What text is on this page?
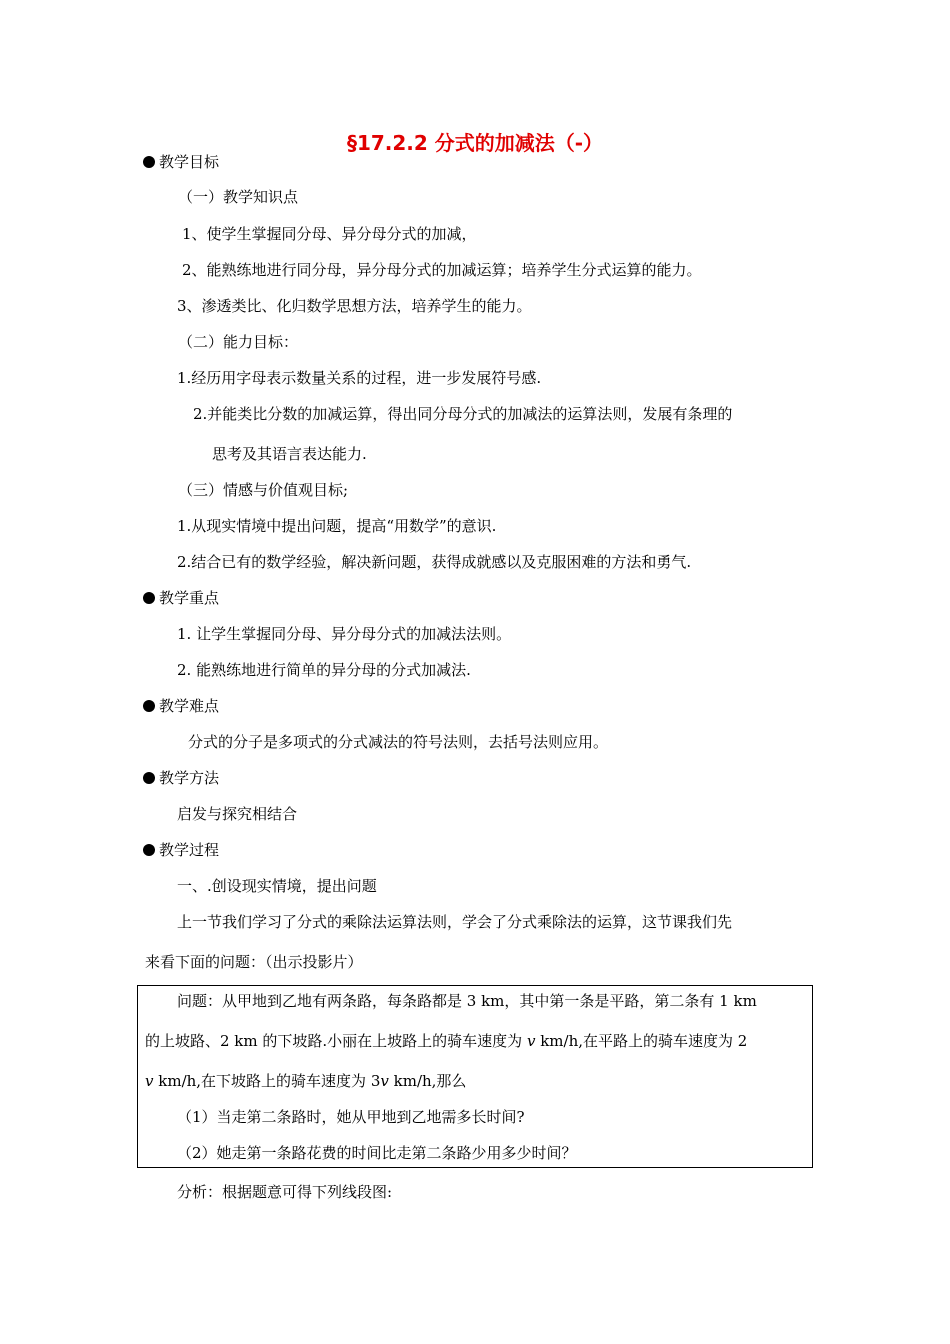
§17.2.2 分式的加减法（-）
教学目标
（一）教学知识点
1、使学生掌握同分母、异分母分式的加减，
2、能熟练地进行同分母，异分母分式的加减运算；培养学生分式运算的能力。
3、渗透类比、化归数学思想方法，培养学生的能力。
（二）能力目标：
1.经历用字母表示数量关系的过程，进一步发展符号感.
2.并能类比分数的加减运算，得出同分母分式的加减法的运算法则，发展有条理的
思考及其语言表达能力.
（三）情感与价值观目标;
1.从现实情境中提出问题，提高“用数学”的意识.
2.结合已有的数学经验，解决新问题，获得成就感以及克服困难的方法和勇气.
教学重点
1. 让学生掌握同分母、异分母分式的加减法法则。
2. 能熟练地进行简单的异分母的分式加减法.
教学难点
分式的分子是多项式的分式减法的符号法则，去括号法则应用。
教学方法
启发与探究相结合
教学过程
一、.创设现实情境，提出问题
上一节我们学习了分式的乘除法运算法则，学会了分式乘除法的运算，这节课我们先
来看下面的问题：（出示投影片）
问题：从甲地到乙地有两条路，每条路都是 3 km，其中第一条是平路，第二条有 1 km
的上坡路、2 km 的下坡路.小丽在上坡路上的骑车速度为 v km/h,在平路上的骑车速度为 2
v km/h,在下坡路上的骑车速度为 3v km/h,那么
（1）当走第二条路时，她从甲地到乙地需多长时间?
（2）她走第一条路花费的时间比走第二条路少用多少时间？
分析：根据题意可得下列线段图:
